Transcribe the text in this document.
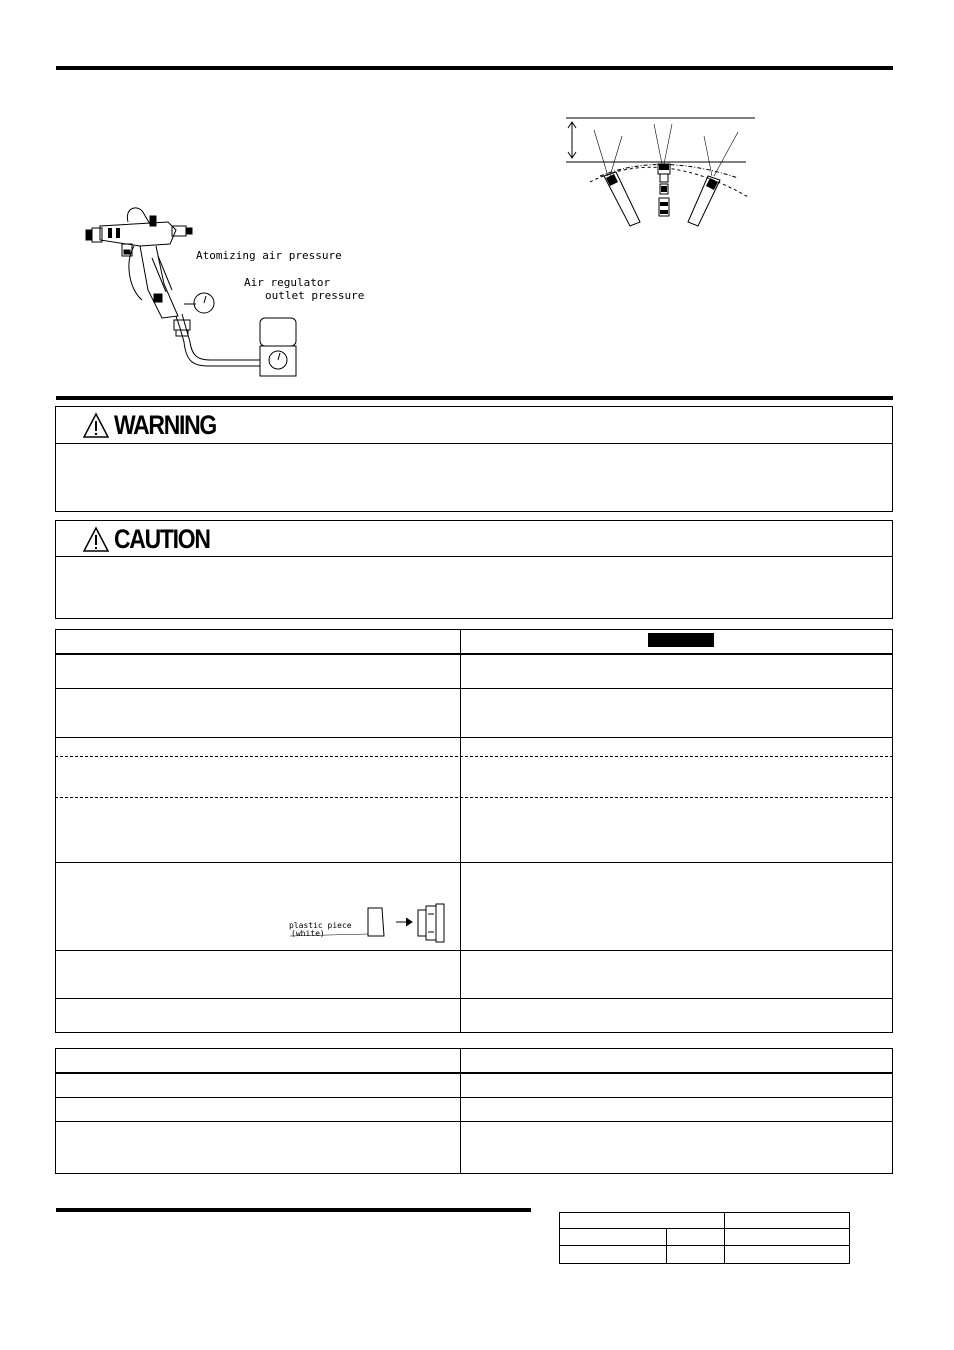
Atomizing air pressure
Air regulator
outlet pressure
WARNING
CAUTION
plastic piece
(white)
